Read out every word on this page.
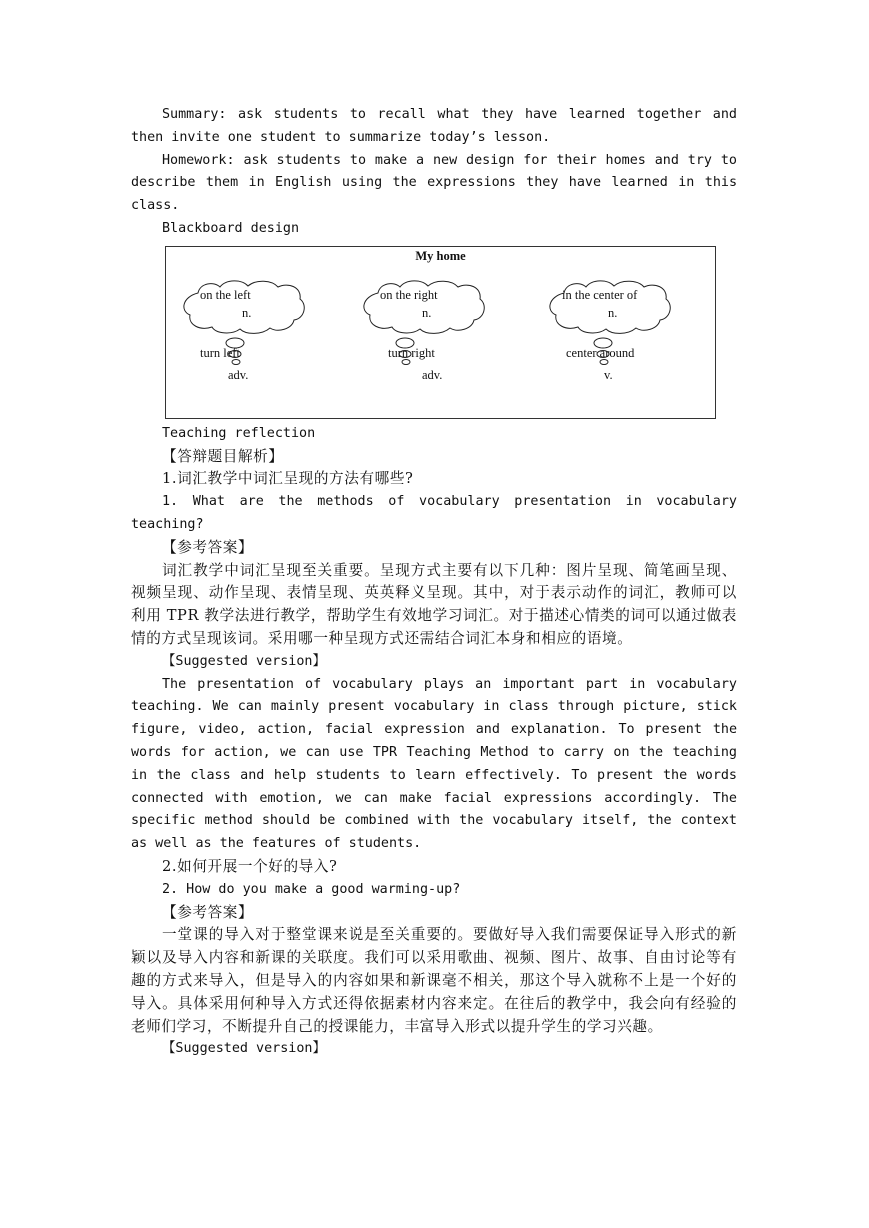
Summary: ask students to recall what they have learned together and then invite one student to summarize today’s lesson.

Homework: ask students to make a new design for their homes and try to describe them in English using the expressions they have learned in this class.

Blackboard design

My home
on the left
n.
turn left
adv.
on the right
n.
turn right
adv.
in the center of
n.
center around
v.

Teaching reflection

【答辩题目解析】

1.词汇教学中词汇呈现的方法有哪些?

1. What are the methods of vocabulary presentation in vocabulary teaching?

【参考答案】

词汇教学中词汇呈现至关重要。呈现方式主要有以下几种：图片呈现、简笔画呈现、视频呈现、动作呈现、表情呈现、英英释义呈现。其中，对于表示动作的词汇，教师可以利用 TPR 教学法进行教学，帮助学生有效地学习词汇。对于描述心情类的词可以通过做表情的方式呈现该词。采用哪一种呈现方式还需结合词汇本身和相应的语境。

【Suggested version】

The presentation of vocabulary plays an important part in vocabulary teaching. We can mainly present vocabulary in class through picture, stick figure, video, action, facial expression and explanation. To present the words for action, we can use TPR Teaching Method to carry on the teaching in the class and help students to learn effectively. To present the words connected with emotion, we can make facial expressions accordingly. The specific method should be combined with the vocabulary itself, the context as well as the features of students.

2.如何开展一个好的导入?

2. How do you make a good warming-up?

【参考答案】

一堂课的导入对于整堂课来说是至关重要的。要做好导入我们需要保证导入形式的新颖以及导入内容和新课的关联度。我们可以采用歌曲、视频、图片、故事、自由讨论等有趣的方式来导入，但是导入的内容如果和新课毫不相关，那这个导入就称不上是一个好的导入。具体采用何种导入方式还得依据素材内容来定。在往后的教学中，我会向有经验的老师们学习，不断提升自己的授课能力，丰富导入形式以提升学生的学习兴趣。

【Suggested version】
